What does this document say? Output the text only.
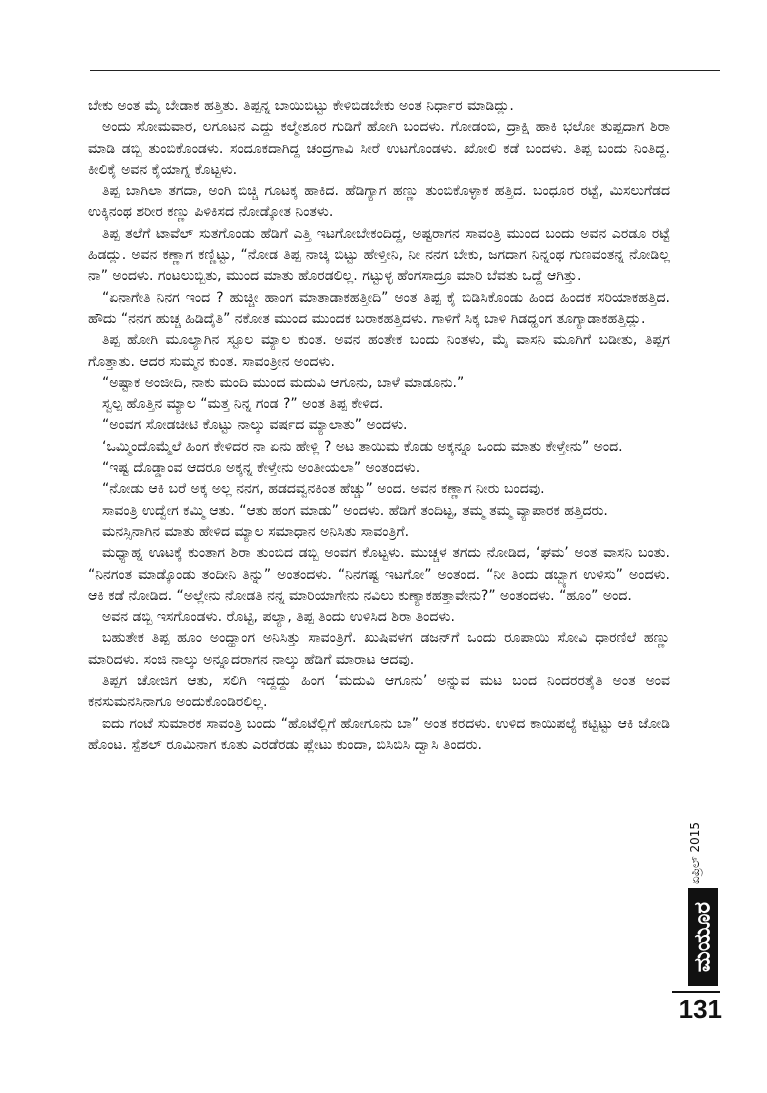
ಬೇಕು ಅಂತ ಮೈ ಬೇಡಾಕ ಹತ್ತಿತು. ತಿಪ್ಪನ್ನ ಬಾಯಿಬಿಟ್ಟು ಕೇಳಿಬಿಡಬೇಕು ಅಂತ ನಿರ್ಧಾರ ಮಾಡಿದ್ಲು.

ಅಂದು ಸೋಮವಾರ, ಲಗೂಟನ ಎದ್ದು ಕಲ್ಮೇಶೂರ ಗುಡಿಗೆ ಹೋಗಿ ಬಂದಳು. ಗೋಡಂಬಿ, ದ್ರಾಕ್ಷಿ ಹಾಕಿ ಭಲೋ ತುಪ್ಪದಾಗ ಶಿರಾ ಮಾಡಿ ಡಬ್ಬಿ ತುಂಬಿಕೊಂಡಳು. ಸಂದೂಕದಾಗಿದ್ದ ಚಂದ್ರಗಾವಿ ಸೀರೆ ಉಟಗೊಂಡಳು. ಖೋಲಿ ಕಡೆ ಬಂದಳು. ತಿಪ್ಪ ಬಂದು ನಿಂತಿದ್ದ. ಕೀಲಿಕೈ ಅವನ ಕೈಯಾಗ್ನ ಕೊಟ್ಟಳು.

ತಿಪ್ಪ ಬಾಗಿಲಾ ತಗದಾ, ಅಂಗಿ ಬಿಚ್ಚಿ ಗೂಟಕ್ಕ ಹಾಕಿದ. ಹೆಡಿಗ್ಯಾಗ ಹಣ್ಣು ತುಂಬಿಕೊಳ್ಳಾಕ ಹತ್ತಿದ. ಬಂಧೂರ ರಟ್ಟೆ, ಮಿಸಲುಗೆಡದ ಉಕ್ಕಿನಂಥ ಶರೀರ ಕಣ್ಣು ಪಿಳಿಕಿಸದ ನೋಡ್ಕೋತ ನಿಂತಳು.

ತಿಪ್ಪ ತಲೆಗೆ ಟಾವೆಲ್ ಸುತಗೊಂಡು ಹೆಡಿಗೆ ಎತ್ತಿ ಇಟಗೋಬೇಕಂದಿದ್ದ, ಅಷ್ಟರಾಗನ ಸಾವಂತ್ರಿ ಮುಂದ ಬಂದು ಅವನ ಎರಡೂ ರಟ್ಟೆ ಹಿಡದ್ಲು. ಅವನ ಕಣ್ಣಾಗ ಕಣ್ಣಿಟ್ಟು, “ನೋಡ ತಿಪ್ಪ ನಾಚ್ಕಿ ಬಿಟ್ಟು ಹೇಳ್ತೀನಿ, ನೀ ನನಗ ಬೇಕು, ಜಗದಾಗ ನಿನ್ನಂಥ ಗುಣವಂತನ್ನ ನೋಡಿಲ್ಲ ನಾ” ಅಂದಳು. ಗಂಟಲುಬ್ಬಿತು, ಮುಂದ ಮಾತು ಹೊರಡಲಿಲ್ಲ. ಗಟ್ಟುಳ್ಳ ಹೆಂಗಸಾದ್ರೂ ಮಾರಿ ಬೆವತು ಒದ್ದೆ ಆಗಿತ್ತು.

“ಏನಾಗೇತಿ ನಿನಗ ಇಂದ ? ಹುಚ್ಚೀ ಹಾಂಗ ಮಾತಾಡಾಕಹತ್ತೀದಿ” ಅಂತ ತಿಪ್ಪ ಕೈ ಬಿಡಿಸಿಕೊಂಡು ಹಿಂದ ಹಿಂದಕ ಸರಿಯಾಕಹತ್ತಿದ. ಹೌದು “ನನಗ ಹುಚ್ಚ ಹಿಡಿದೈತಿ” ನಕೋತ ಮುಂದ ಮುಂದಕ ಬರಾಕಹತ್ತಿದಳು. ಗಾಳಿಗೆ ಸಿಕ್ಕ ಬಾಳಿ ಗಿಡದ್ಹಂಗ ತೂಗ್ಯಾಡಾಕಹತ್ತಿದ್ಲು.

ತಿಪ್ಪ ಹೋಗಿ ಮೂಲ್ಯಾಗಿನ ಸ್ಟೂಲ ಮ್ಯಾಲ ಕುಂತ. ಅವನ ಹಂತೇಕ ಬಂದು ನಿಂತಳು, ಮೈ ವಾಸನಿ ಮೂಗಿಗೆ ಬಡೀತು, ತಿಪ್ಪಗ ಗೊತ್ತಾತು. ಆದರ ಸುಮ್ಮನ ಕುಂತ. ಸಾವಂತ್ರೀನ ಅಂದಳು.

“ಅಷ್ಟಾಕ ಅಂಜೀದಿ, ನಾಕು ಮಂದಿ ಮುಂದ ಮದುವಿ ಆಗೂನು, ಬಾಳೆ ಮಾಡೂನು.”

ಸ್ವಲ್ಪ ಹೊತ್ತಿನ ಮ್ಯಾಲ “ಮತ್ತ ನಿನ್ನ ಗಂಡ ?” ಅಂತ ತಿಪ್ಪ ಕೇಳಿದ.

“ಅಂವಗ ಸೋಡಚೀಟಿ ಕೊಟ್ಟು ನಾಲ್ಕು ವರ್ಷದ ಮ್ಯಾಲಾತು” ಅಂದಳು.

‘ಒಮ್ಮಿಂದೊಮ್ಮೆಲೆ ಹಿಂಗ ಕೇಳಿದರ ನಾ ಏನು ಹೇಳ್ಲಿ ? ಅಟ ತಾಯಿಮ ಕೊಡು ಅಕ್ಕನ್ನೂ ಒಂದು ಮಾತು ಕೇಳ್ತೇನು” ಅಂದ.

“ಇಷ್ಟ ದೊಡ್ಡಾಂವ ಆದರೂ ಅಕ್ಕನ್ನ ಕೇಳ್ತೇನು ಅಂತೀಯಲಾ” ಅಂತಂದಳು.

“ನೋಡು ಆಕಿ ಬರೆ ಅಕ್ಕ ಅಲ್ಲ ನನಗ, ಹಡದವ್ವನಕಿಂತ ಹೆಚ್ಚು” ಅಂದ. ಅವನ ಕಣ್ಣಾಗ ನೀರು ಬಂದವು.

ಸಾವಂತ್ರಿ ಉದ್ವೇಗ ಕಮ್ಮಿ ಆತು. “ಆತು ಹಂಗ ಮಾಡು” ಅಂದಳು. ಹೆಡಿಗೆ ತಂದಿಟ್ಟ, ತಮ್ಮ ತಮ್ಮ ವ್ಯಾಪಾರಕ ಹತ್ತಿದರು.

ಮನಸ್ಸಿನಾಗಿನ ಮಾತು ಹೇಳಿದ ಮ್ಯಾಲ ಸಮಾಧಾನ ಅನಿಸಿತು ಸಾವಂತ್ರಿಗೆ.

ಮಧ್ಯಾಹ್ನ ಊಟಕ್ಕೆ ಕುಂತಾಗ ಶಿರಾ ತುಂಬಿದ ಡಬ್ಬಿ ಅಂವಗ ಕೊಟ್ಟಳು. ಮುಚ್ಚಳ ತಗದು ನೋಡಿದ, ‘ಘಮ’ ಅಂತ ವಾಸನಿ ಬಂತು. “ನಿನಗಂತ ಮಾಡ್ಕೊಂಡು ತಂದೀನಿ ತಿನ್ನು” ಅಂತಂದಳು. “ನಿನಗಷ್ಟ ಇಟಗೋ” ಅಂತಂದ. “ನೀ ತಿಂದು ಡಬ್ಬ್ಯಾಗ ಉಳಿಸು” ಅಂದಳು. ಆಕಿ ಕಡೆ ನೋಡಿದ. “ಅಲ್ಲೇನು ನೋಡತಿ ನನ್ನ ಮಾರಿಯಾಗೇನು ನವಿಲು ಕುಣ್ಯಾಕಹತ್ತಾವೇನು?” ಅಂತಂದಳು. “ಹೂಂ” ಅಂದ.

ಅವನ ಡಬ್ಬಿ ಇಸಗೊಂಡಳು. ರೊಟ್ಟಿ, ಪಲ್ಯಾ, ತಿಪ್ಪ ತಿಂದು ಉಳಿಸಿದ ಶಿರಾ ತಿಂದಳು.

ಬಹುತೇಕ ತಿಪ್ಪ ಹೂಂ ಅಂದ್ಹಾಂಗ ಅನಿಸಿತ್ತು ಸಾವಂತ್ರಿಗೆ. ಖುಷಿವಳಗ ಡಜನ್‌ಗೆ ಒಂದು ರೂಪಾಯಿ ಸೋವಿ ಧಾರಣಿಲೆ ಹಣ್ಣು ಮಾರಿದಳು. ಸಂಜಿ ನಾಲ್ಕು ಅನ್ನೂದರಾಗನ ನಾಲ್ಕು ಹೆಡಿಗೆ ಮಾರಾಟ ಆದವು.

ತಿಪ್ಪಗ ಚೋಜಿಗ ಆತು, ಸಲಿಗಿ ಇದ್ದದ್ದು ಹಿಂಗ ‘ಮದುವಿ ಆಗೂನು’ ಅನ್ನುವ ಮಟ ಬಂದ ನಿಂದರರತೈತಿ ಅಂತ ಅಂವ ಕನಸುಮನಸಿನಾಗೂ ಅಂದುಕೊಂಡಿರಲಿಲ್ಲ.

ಐದು ಗಂಟೆ ಸುಮಾರಕ ಸಾವಂತ್ರಿ ಬಂದು “ಹೊಟೆಲ್ಲಿಗೆ ಹೋಗೂನು ಬಾ” ಅಂತ ಕರದಳು. ಉಳಿದ ಕಾಯಿಪಲ್ಯೆ ಕಟ್ಟಿಟ್ಟು ಆಕಿ ಜೋಡಿ ಹೊಂಟ. ಸ್ಪೆಶಲ್ ರೂಮಿನಾಗ ಕೂತು ಎರಡೆರಡು ಪ್ಲೇಟು ಕುಂದಾ, ಬಿಸಿಬಿಸಿ ದ್ವಾಸಿ ತಿಂದರು.

ಏಪ್ರಿಲ್ 2015
ಮಯೂರ
131
